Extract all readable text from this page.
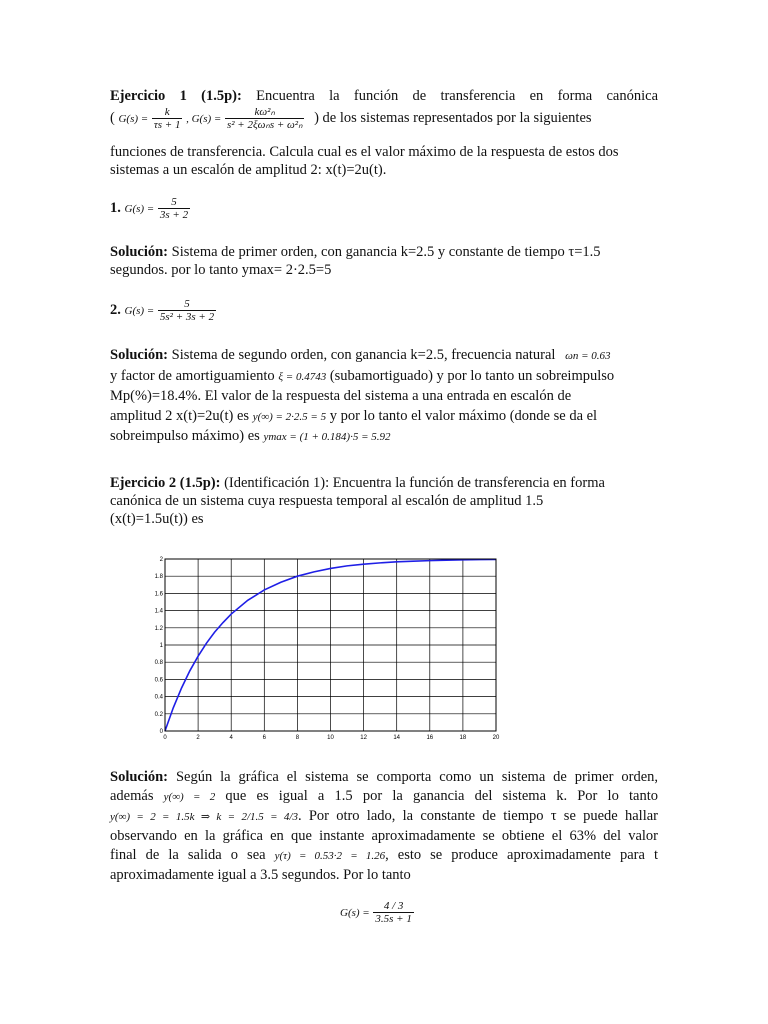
Ejercicio 1 (1.5p): Encuentra la función de transferencia en forma canónica
( $G(s) = \frac{k}{\tau s + 1}$ , $G(s) = \frac{\text{kω²ₙ}}{\text{s² + 2ξωₙs + ω²ₙ}}$ ) de los sistemas representados por la siguientes
funciones de transferencia. Calcula cual es el valor máximo de la respuesta de estos dos
sistemas a un escalón de amplitud 2: x(t)=2u(t).
1. $G(s) = \frac{5}{3s + 2}$
Solución: Sistema de primer orden, con ganancia k=2.5 y constante de tiempo τ=1.5
segundos. por lo tanto ymax= 2·2.5=5
2. $G(s) = \frac{5}{\text{5s² + 3s + 2}}$
Solución: Sistema de segundo orden, con ganancia k=2.5, frecuencia natural ωn = 0.63
y factor de amortiguamiento ξ = 0.4743 (subamortiguado) y por lo tanto un sobreimpulso
Mp(%)=18.4%. El valor de la respuesta del sistema a una entrada en escalón de
amplitud 2 x(t)=2u(t) es y(∞) = 2·2.5 = 5 y por lo tanto el valor máximo (donde se da el
sobreimpulso máximo) es ymax = (1 + 0.184)·5 = 5.92
Ejercicio 2 (1.5p): (Identificación 1): Encuentra la función de transferencia en forma
canónica de un sistema cuya respuesta temporal al escalón de amplitud 1.5
(x(t)=1.5u(t)) es
0	2	4	6	8	10	12	14	16	18	20
0
0.2
0.4
0.6
0.8
1
1.2
1.4
1.6
1.8
2
Solución: Según la gráfica el sistema se comporta como un sistema de primer orden,
además y(∞) = 2 que es igual a 1.5 por la ganancia del sistema k. Por lo tanto
y(∞) = 2 = 1.5k ⇒ k = 2/1.5 = 4/3. Por otro lado, la constante de tiempo τ se puede hallar
observando en la gráfica en que instante aproximadamente se obtiene el 63% del valor
final de la salida o sea y(τ) = 0.53·2 = 1.26, esto se produce aproximadamente para t
aproximadamente igual a 3.5 segundos. Por lo tanto
$G(s) = \frac{4 / 3}{3.5s + 1}$
